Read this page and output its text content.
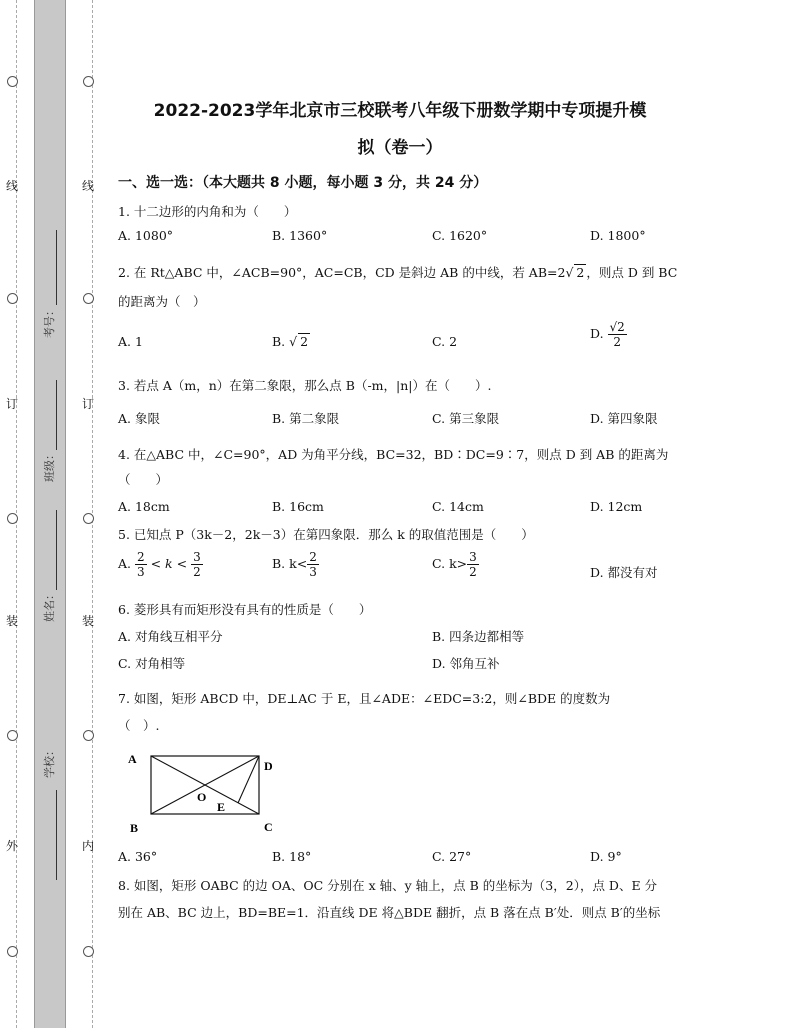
线
订
装
外
线
订
装
内
考号：
班级：
姓名：
学校：
2022-2023学年北京市三校联考八年级下册数学期中专项提升模
拟（卷一）
一、选一选：（本大题共 8 小题，每小题 3 分，共 24 分）
1. 十二边形的内角和为（　　）
A. 1080°	B. 1360°	C. 1620°	D. 1800°
2. 在 Rt△ABC 中，∠ACB=90°，AC=CB，CD 是斜边 AB 的中线，若 AB=2√ 2 ，则点 D 到 BC
的距离为（　）
A. 1	B. √ 2	C. 2
D. $\frac{√2}{2}$
3. 若点 A（m，n）在第二象限，那么点 B（-m，|n|）在（　　）.
A. 象限	B. 第二象限	C. 第三象限	D. 第四象限
4. 在△ABC 中，∠C=90°，AD 为角平分线，BC=32，BD∶DC=9∶7，则点 D 到 AB 的距离为
（　　）
A. 18cm	B. 16cm	C. 14cm	D. 12cm
5. 已知点 P（3k－2，2k－3）在第四象限．那么 k 的取值范围是（　　）
A. $\frac{2}{3} < k < \frac{3}{2}$	B. $k< \frac{2}{3}$	C. $k> \frac{3}{2}$	D. 都没有对
6. 菱形具有而矩形没有具有的性质是（　　）
A. 对角线互相平分	B. 四条边都相等
C. 对角相等	D. 邻角互补
7. 如图，矩形 ABCD 中，DE⊥AC 于 E，且∠ADE：∠EDC=3:2，则∠BDE 的度数为
（　）.
A	D
B	C
O
E
A. 36°	B. 18°	C. 27°	D. 9°
8. 如图，矩形 OABC 的边 OA、OC 分别在 x 轴、y 轴上，点 B 的坐标为（3，2），点 D、E 分
别在 AB、BC 边上，BD=BE=1．沿直线 DE 将△BDE 翻折，点 B 落在点 B′处．则点 B′的坐标
